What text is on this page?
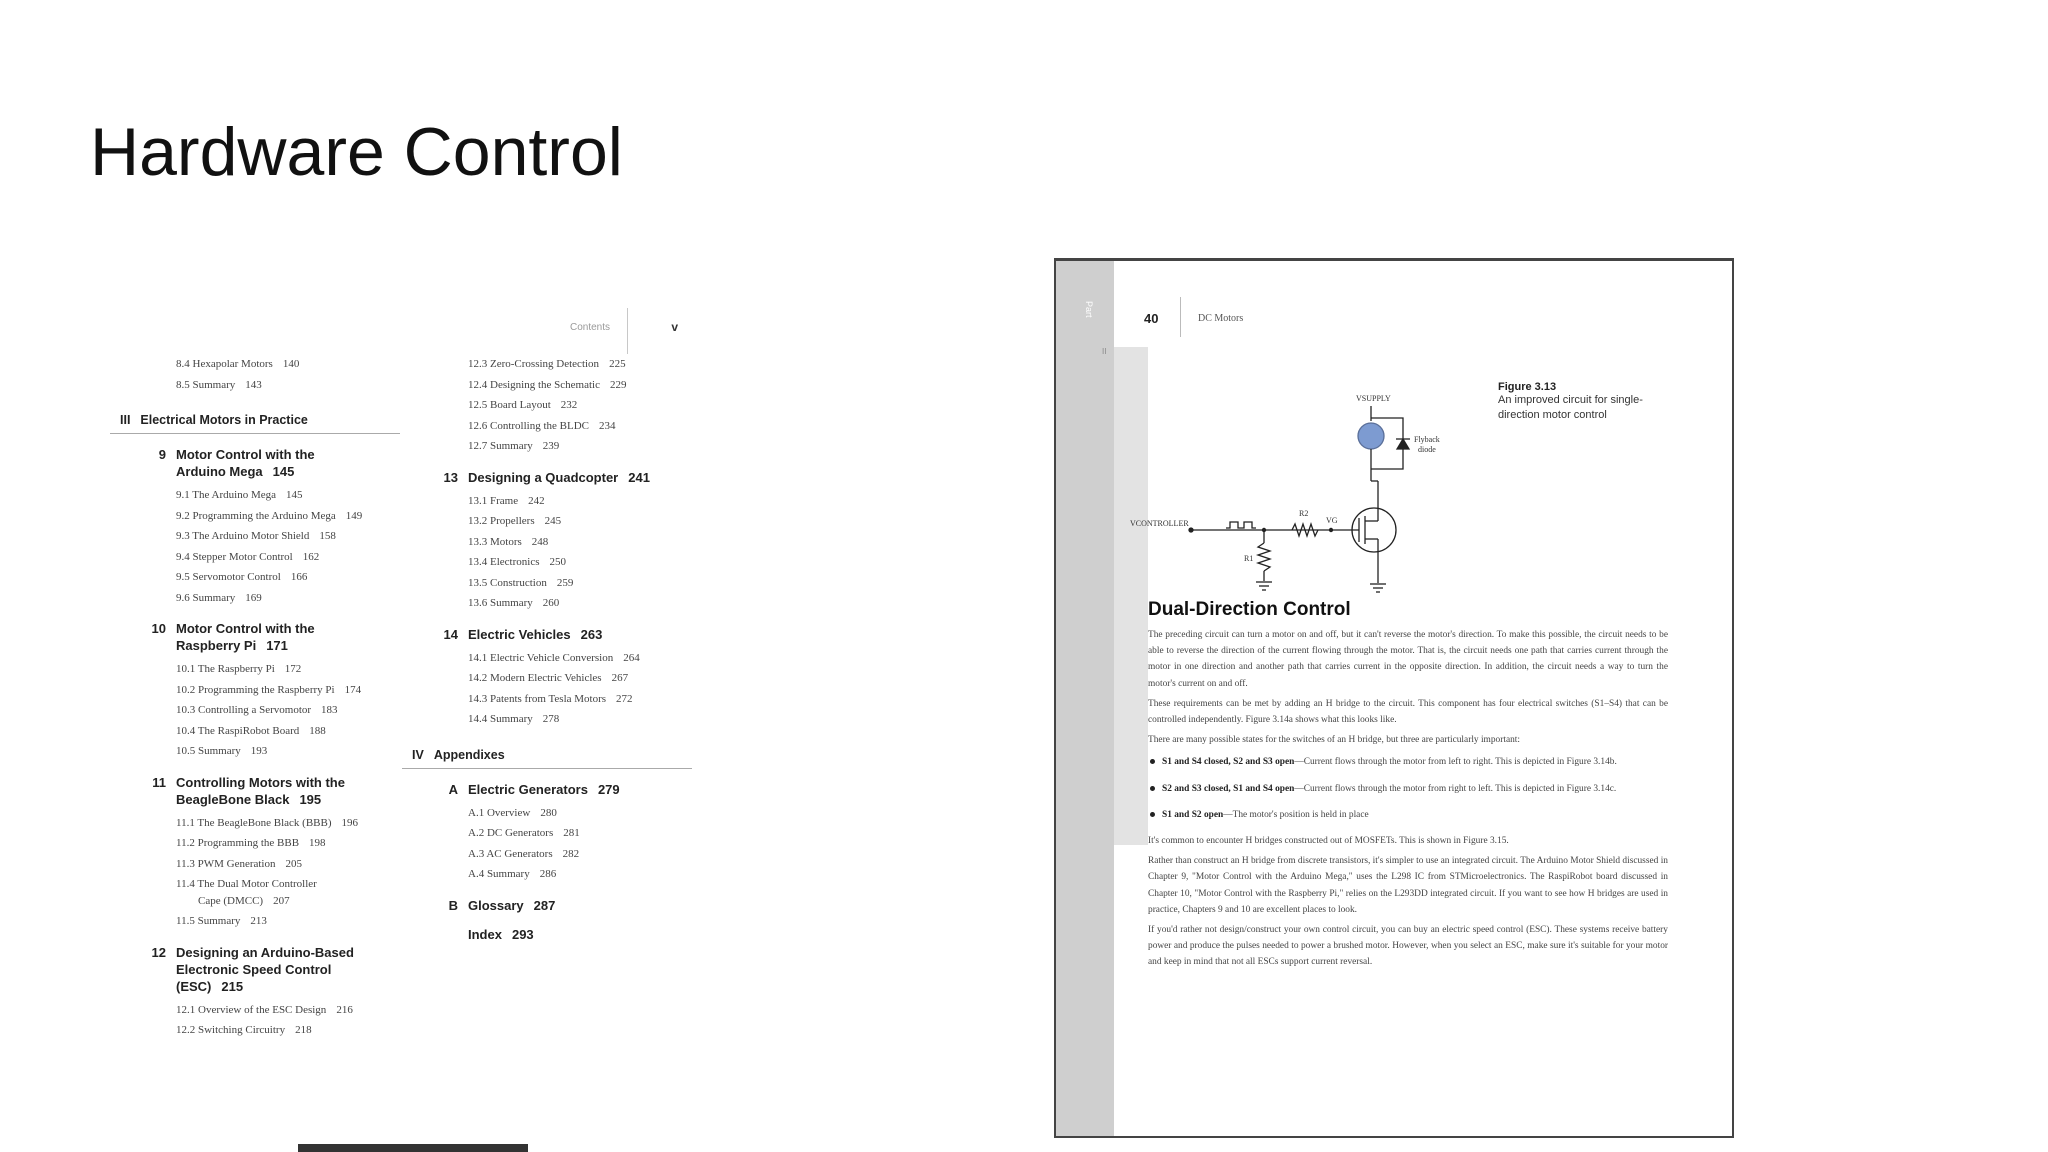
Hardware Control
Contents	v
8.4 Hexapolar Motors 140
8.5 Summary 143
III Electrical Motors in Practice
9 Motor Control with the
Arduino Mega 145
9.1 The Arduino Mega 145
9.2 Programming the Arduino Mega 149
9.3 The Arduino Motor Shield 158
9.4 Stepper Motor Control 162
9.5 Servomotor Control 166
9.6 Summary 169
10 Motor Control with the
Raspberry Pi 171
10.1 The Raspberry Pi 172
10.2 Programming the Raspberry Pi 174
10.3 Controlling a Servomotor 183
10.4 The RaspiRobot Board 188
10.5 Summary 193
11 Controlling Motors with the
BeagleBone Black 195
11.1 The BeagleBone Black (BBB) 196
11.2 Programming the BBB 198
11.3 PWM Generation 205
11.4 The Dual Motor Controller
Cape (DMCC) 207
11.5 Summary 213
12 Designing an Arduino-Based
Electronic Speed Control
(ESC) 215
12.1 Overview of the ESC Design 216
12.2 Switching Circuitry 218
12.3 Zero-Crossing Detection 225
12.4 Designing the Schematic 229
12.5 Board Layout 232
12.6 Controlling the BLDC 234
12.7 Summary 239
13 Designing a Quadcopter 241
13.1 Frame 242
13.2 Propellers 245
13.3 Motors 248
13.4 Electronics 250
13.5 Construction 259
13.6 Summary 260
14 Electric Vehicles 263
14.1 Electric Vehicle Conversion 264
14.2 Modern Electric Vehicles 267
14.3 Patents from Tesla Motors 272
14.4 Summary 278
IV Appendixes
A Electric Generators 279
A.1 Overview 280
A.2 DC Generators 281
A.3 AC Generators 282
A.4 Summary 286
B Glossary 287
Index 293
Part
II
40	DC Motors
VSUPPLY
VCONTROLLER
R2
R1
VG
Flyback
diode
Figure 3.13
An improved circuit for single-direction motor control
Dual-Direction Control

The preceding circuit can turn a motor on and off, but it can't reverse the motor's direction. To make this possible, the circuit needs to be able to reverse the direction of the current flowing through the motor. That is, the circuit needs one path that carries current through the motor in one direction and another path that carries current in the opposite direction. In addition, the circuit needs a way to turn the motor's current on and off.

These requirements can be met by adding an H bridge to the circuit. This component has four electrical switches (S1–S4) that can be controlled independently. Figure 3.14a shows what this looks like.

There are many possible states for the switches of an H bridge, but three are particularly important:

S1 and S4 closed, S2 and S3 open—Current flows through the motor from left to right. This is depicted in Figure 3.14b.
S2 and S3 closed, S1 and S4 open—Current flows through the motor from right to left. This is depicted in Figure 3.14c.
S1 and S2 open—The motor's position is held in place

It's common to encounter H bridges constructed out of MOSFETs. This is shown in Figure 3.15.

Rather than construct an H bridge from discrete transistors, it's simpler to use an integrated circuit. The Arduino Motor Shield discussed in Chapter 9, "Motor Control with the Arduino Mega," uses the L298 IC from STMicroelectronics. The RaspiRobot board discussed in Chapter 10, "Motor Control with the Raspberry Pi," relies on the L293DD integrated circuit. If you want to see how H bridges are used in practice, Chapters 9 and 10 are excellent places to look.

If you'd rather not design/construct your own control circuit, you can buy an electric speed control (ESC). These systems receive battery power and produce the pulses needed to power a brushed motor. However, when you select an ESC, make sure it's suitable for your motor and keep in mind that not all ESCs support current reversal.
